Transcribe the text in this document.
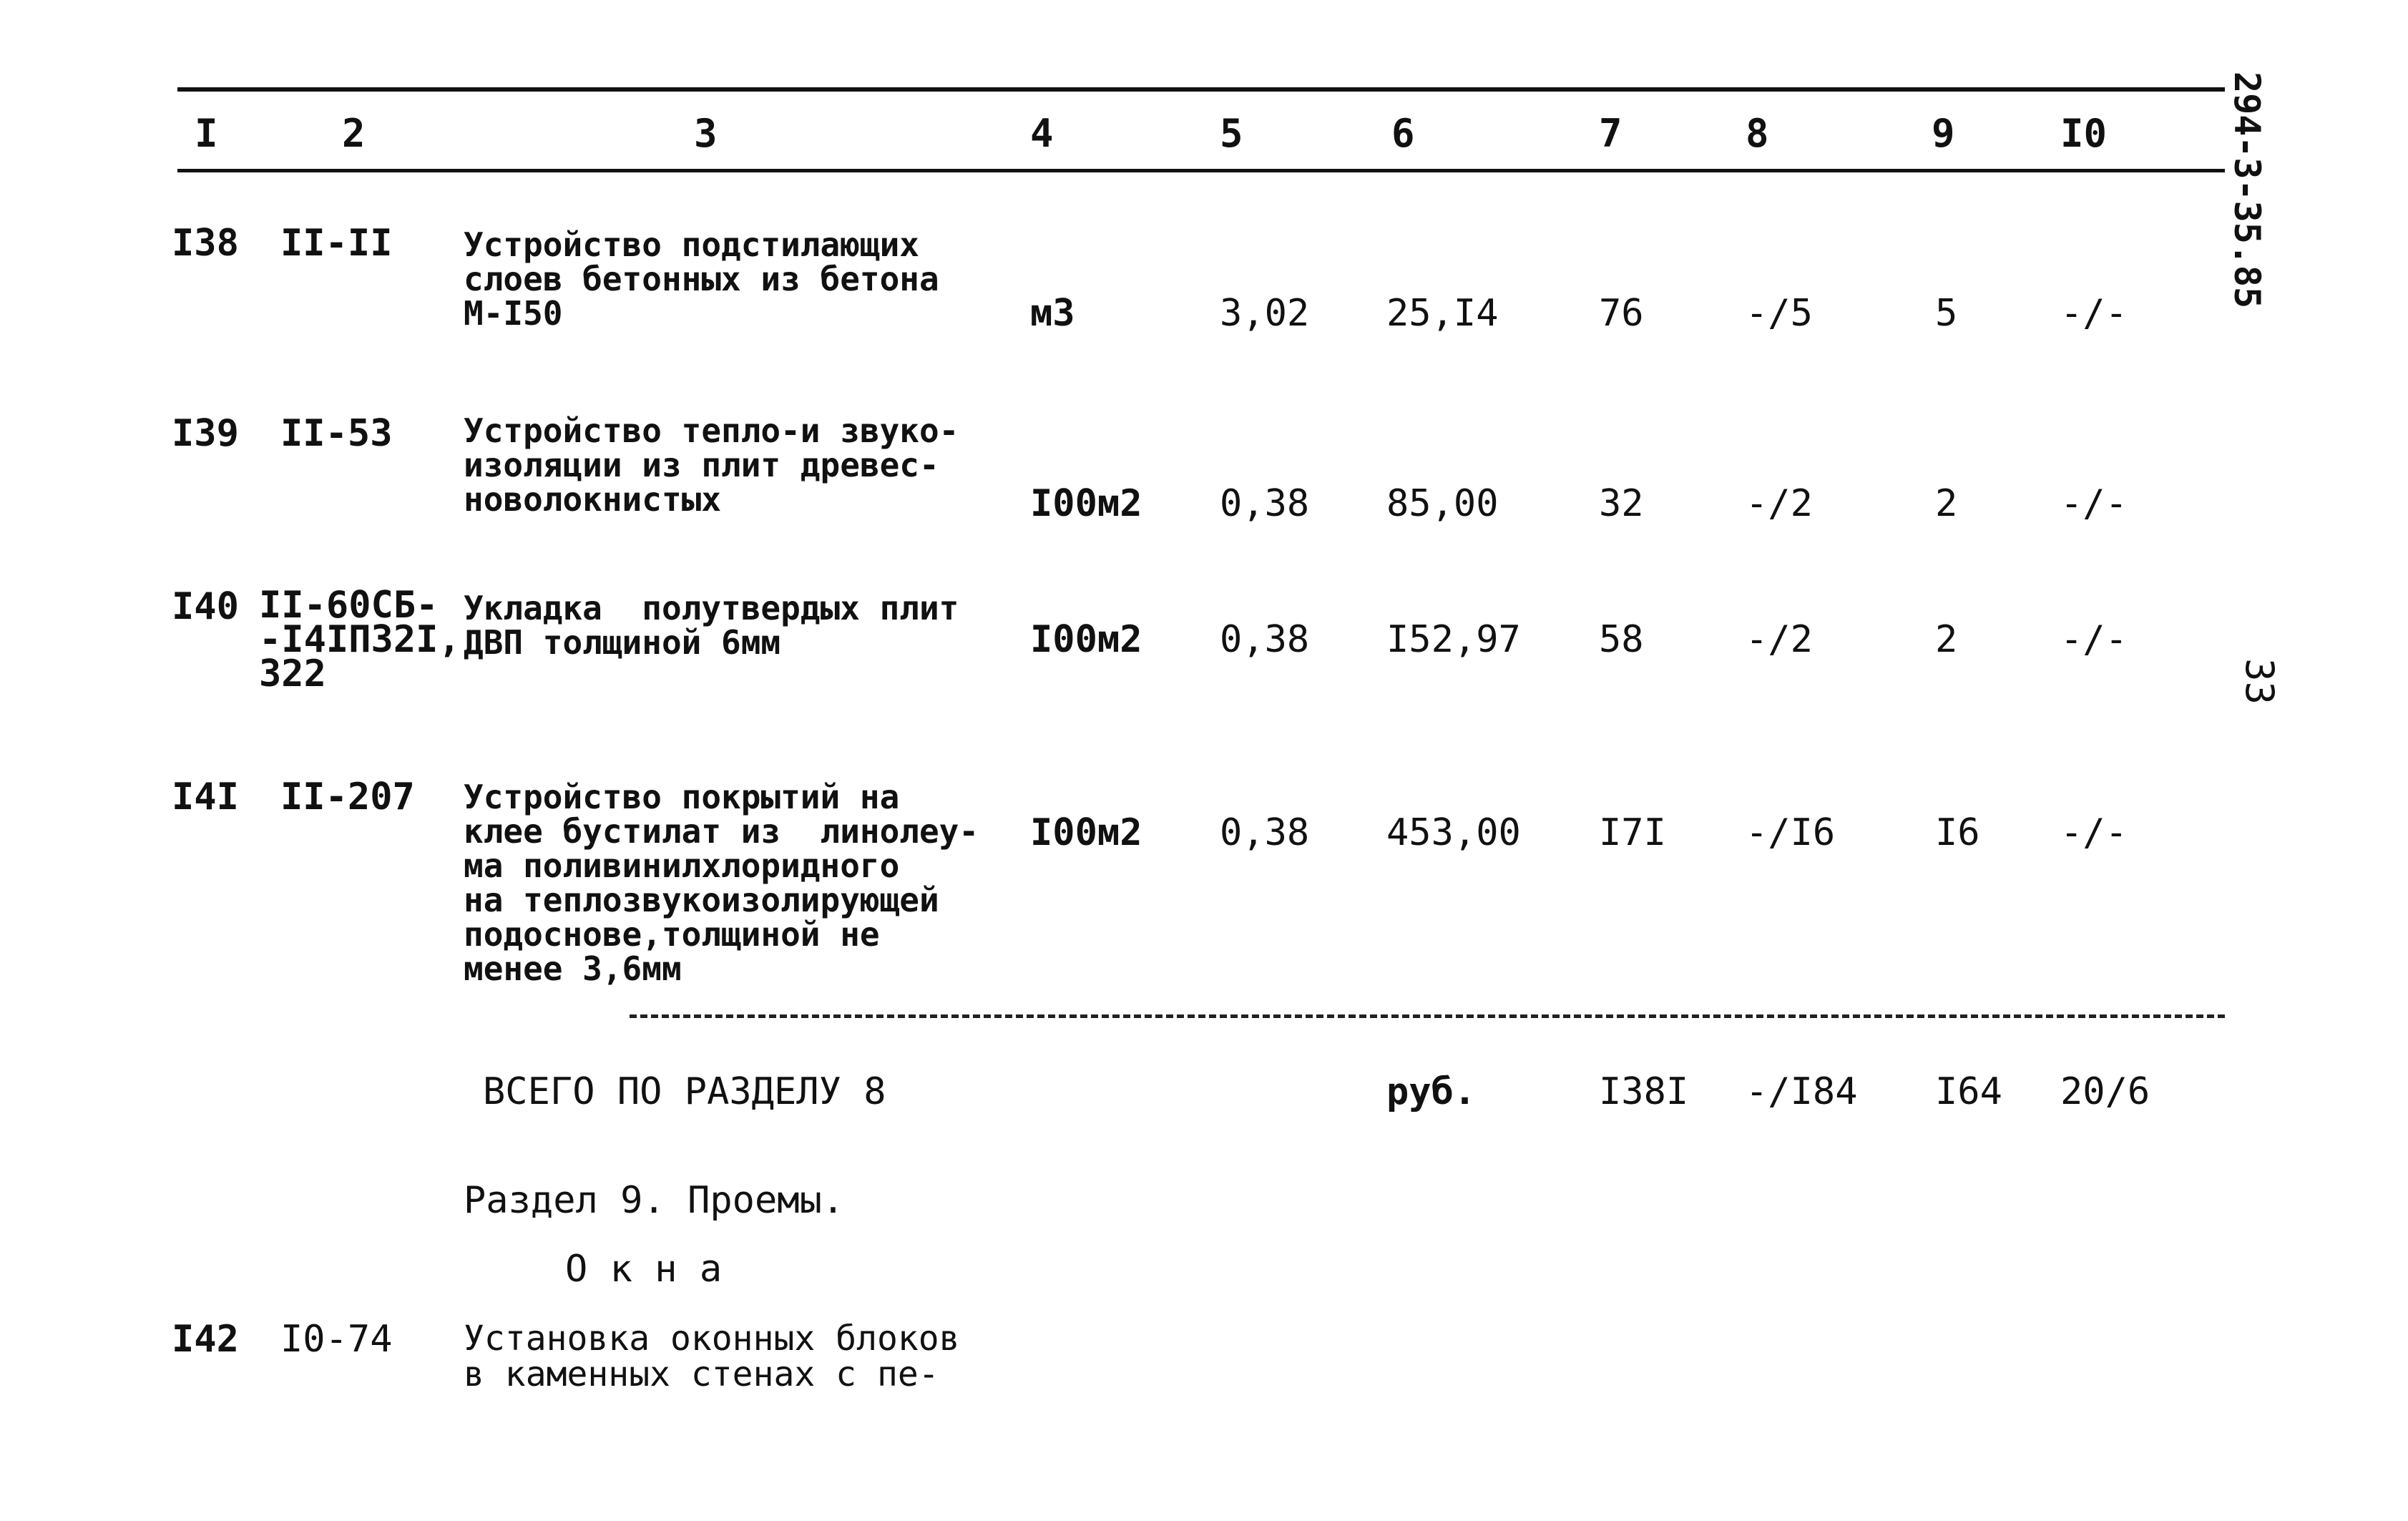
294-3-35.85
33
I	2	3	4	5	6	7	8	9	I0
I38 II-II Устройство подстилающих
слоев бетонных из бетона
М-I50	м3	3,02 25,I4	76	-/5	5	-/-
I39 II-53 Устройство тепло-и звуко-
изоляции из плит древес-
новолокнистых	I00м2 0,38 85,00	32	-/2	2	-/-
I40 II-60СБ-
-I4IП32I,
322
Укладка  полутвердых плит
ДВП толщиной 6мм	I00м2 0,38 I52,97 58	-/2	2	-/-
I4I II-207 Устройство покрытий на
клее бустилат из  линолеу-
ма поливинилхлоридного
на теплозвукоизолирующей
подоснове,толщиной не
менее 3,6мм
I00м2 0,38 453,00 I7I -/I6	I6 -/-
ВСЕГО ПО РАЗДЕЛУ 8	руб.	I38I -/I84 I64 20/6
Раздел 9. Проемы.
О к н а
I42 I0-74 Установка оконных блоков
в каменных стенах с пе-
